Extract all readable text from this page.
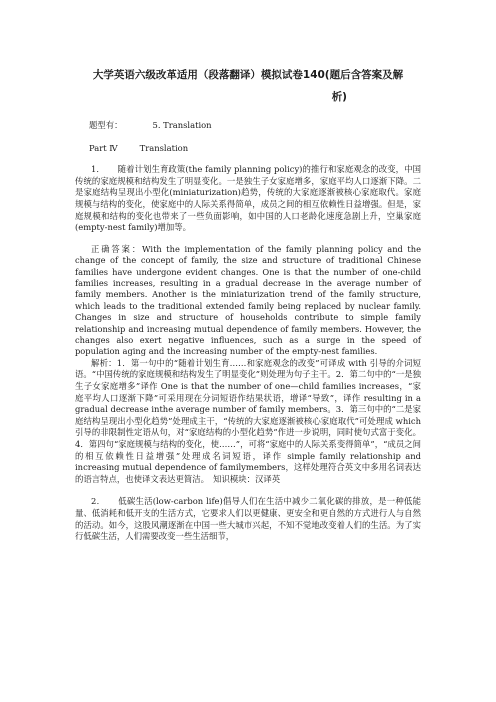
大学英语六级改革适用（段落翻译）模拟试卷140(题后含答案及解
析)

题型有：	5. Translation

Part Ⅳ	Translation

1．　　随着计划生育政策(the family planning policy)的推行和家庭观念的改变，中国传统的家庭规模和结构发生了明显变化。一是独生子女家庭增多，家庭平均人口逐渐下降。二是家庭结构呈现出小型化(miniaturization)趋势，传统的大家庭逐渐被核心家庭取代。家庭规模与结构的变化，使家庭中的人际关系得简单，成员之间的相互依赖性日益增强。但是，家庭规模和结构的变化也带来了一些负面影响，如中国的人口老龄化速度急剧上升，空巢家庭(empty-nest family)增加等。

正确答案：With the implementation of the family planning policy and the change of the concept of family, the size and structure of traditional Chinese families have undergone evident changes. One is that the number of one-child families increases, resulting in a gradual decrease in the average number of family members. Another is the miniaturization trend of the family structure, which leads to the traditional extended family being replaced by nuclear family. Changes in size and structure of households contribute to simple family relationship and increasing mutual dependence of family members. However, the changes also exert negative influences, such as a surge in the speed of population aging and the increasing number of the empty-nest families.

解析：1．第一句中的“随着计划生育……和家庭观念的改变”可译成 with 引导的介词短语。“中国传统的家庭规模和结构发生了明显变化”则处理为句子主干。2．第二句中的“一是独生子女家庭增多”译作 One is that the number of one—child families increases，“家庭平均人口逐渐下降”可采用现在分词短语作结果状语，增译“导致”，译作 resulting in a gradual decrease inthe average number of family members。3．第三句中的“二是家庭结构呈现出小型化趋势”处理成主干，“传统的大家庭逐渐被核心家庭取代”可处理成 which 引导的非限制性定语从句，对“家庭结构的小型化趋势”作进一步说明，同时使句式富于变化。4．第四句“家庭规模与结构的变化，使……”，可将“家庭中的人际关系变得简单”，“成员之间的相互依赖性日益增强”处理成名词短语，译作 simple family relationship and increasing mutual dependence of familymembers，这样处理符合英文中多用名词表达的语言特点，也使译文表达更简洁。　知识模块：汉译英

2．　　低碳生活(low-carbon life)倡导人们在生活中减少二氧化碳的排放，是一种低能量、低消耗和低开支的生活方式，它要求人们以更健康、更安全和更自然的方式进行人与自然的活动。如今，这股风潮逐渐在中国一些大城市兴起，不知不觉地改变着人们的生活。为了实行低碳生活，人们需要改变一些生活细节，
